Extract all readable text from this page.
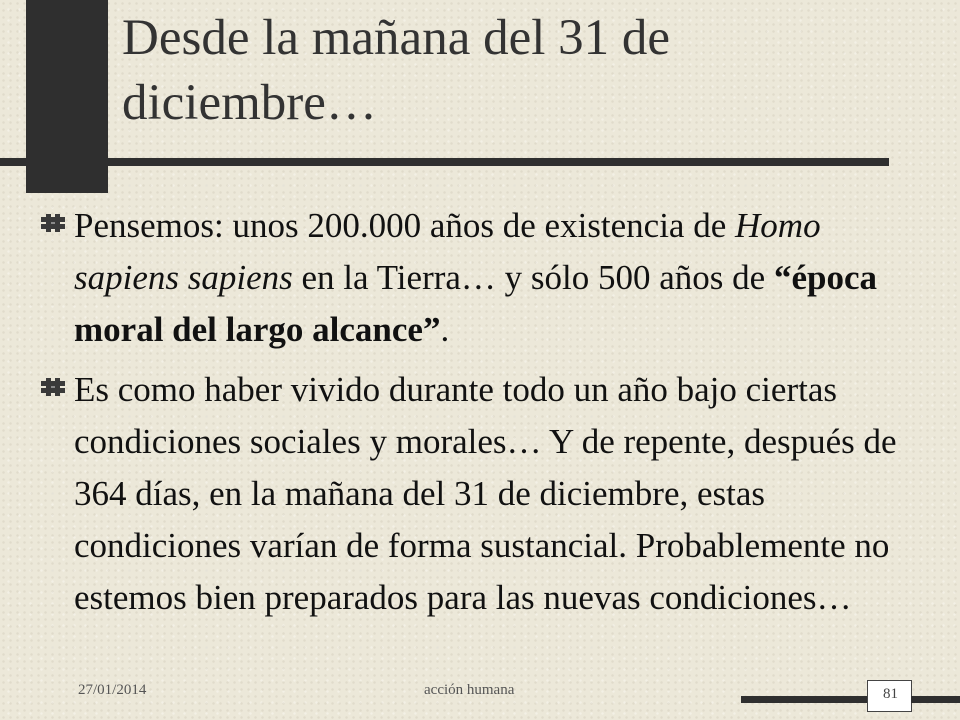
Desde la mañana del 31 de diciembre…
Pensemos: unos 200.000 años de existencia de Homo sapiens sapiens en la Tierra… y sólo 500 años de “época moral del largo alcance”.
Es como haber vivido durante todo un año bajo ciertas condiciones sociales y morales… Y de repente, después de 364 días, en la mañana del 31 de diciembre, estas condiciones varían de forma sustancial. Probablemente no estemos bien preparados para las nuevas condiciones…
27/01/2014	acción humana	81
